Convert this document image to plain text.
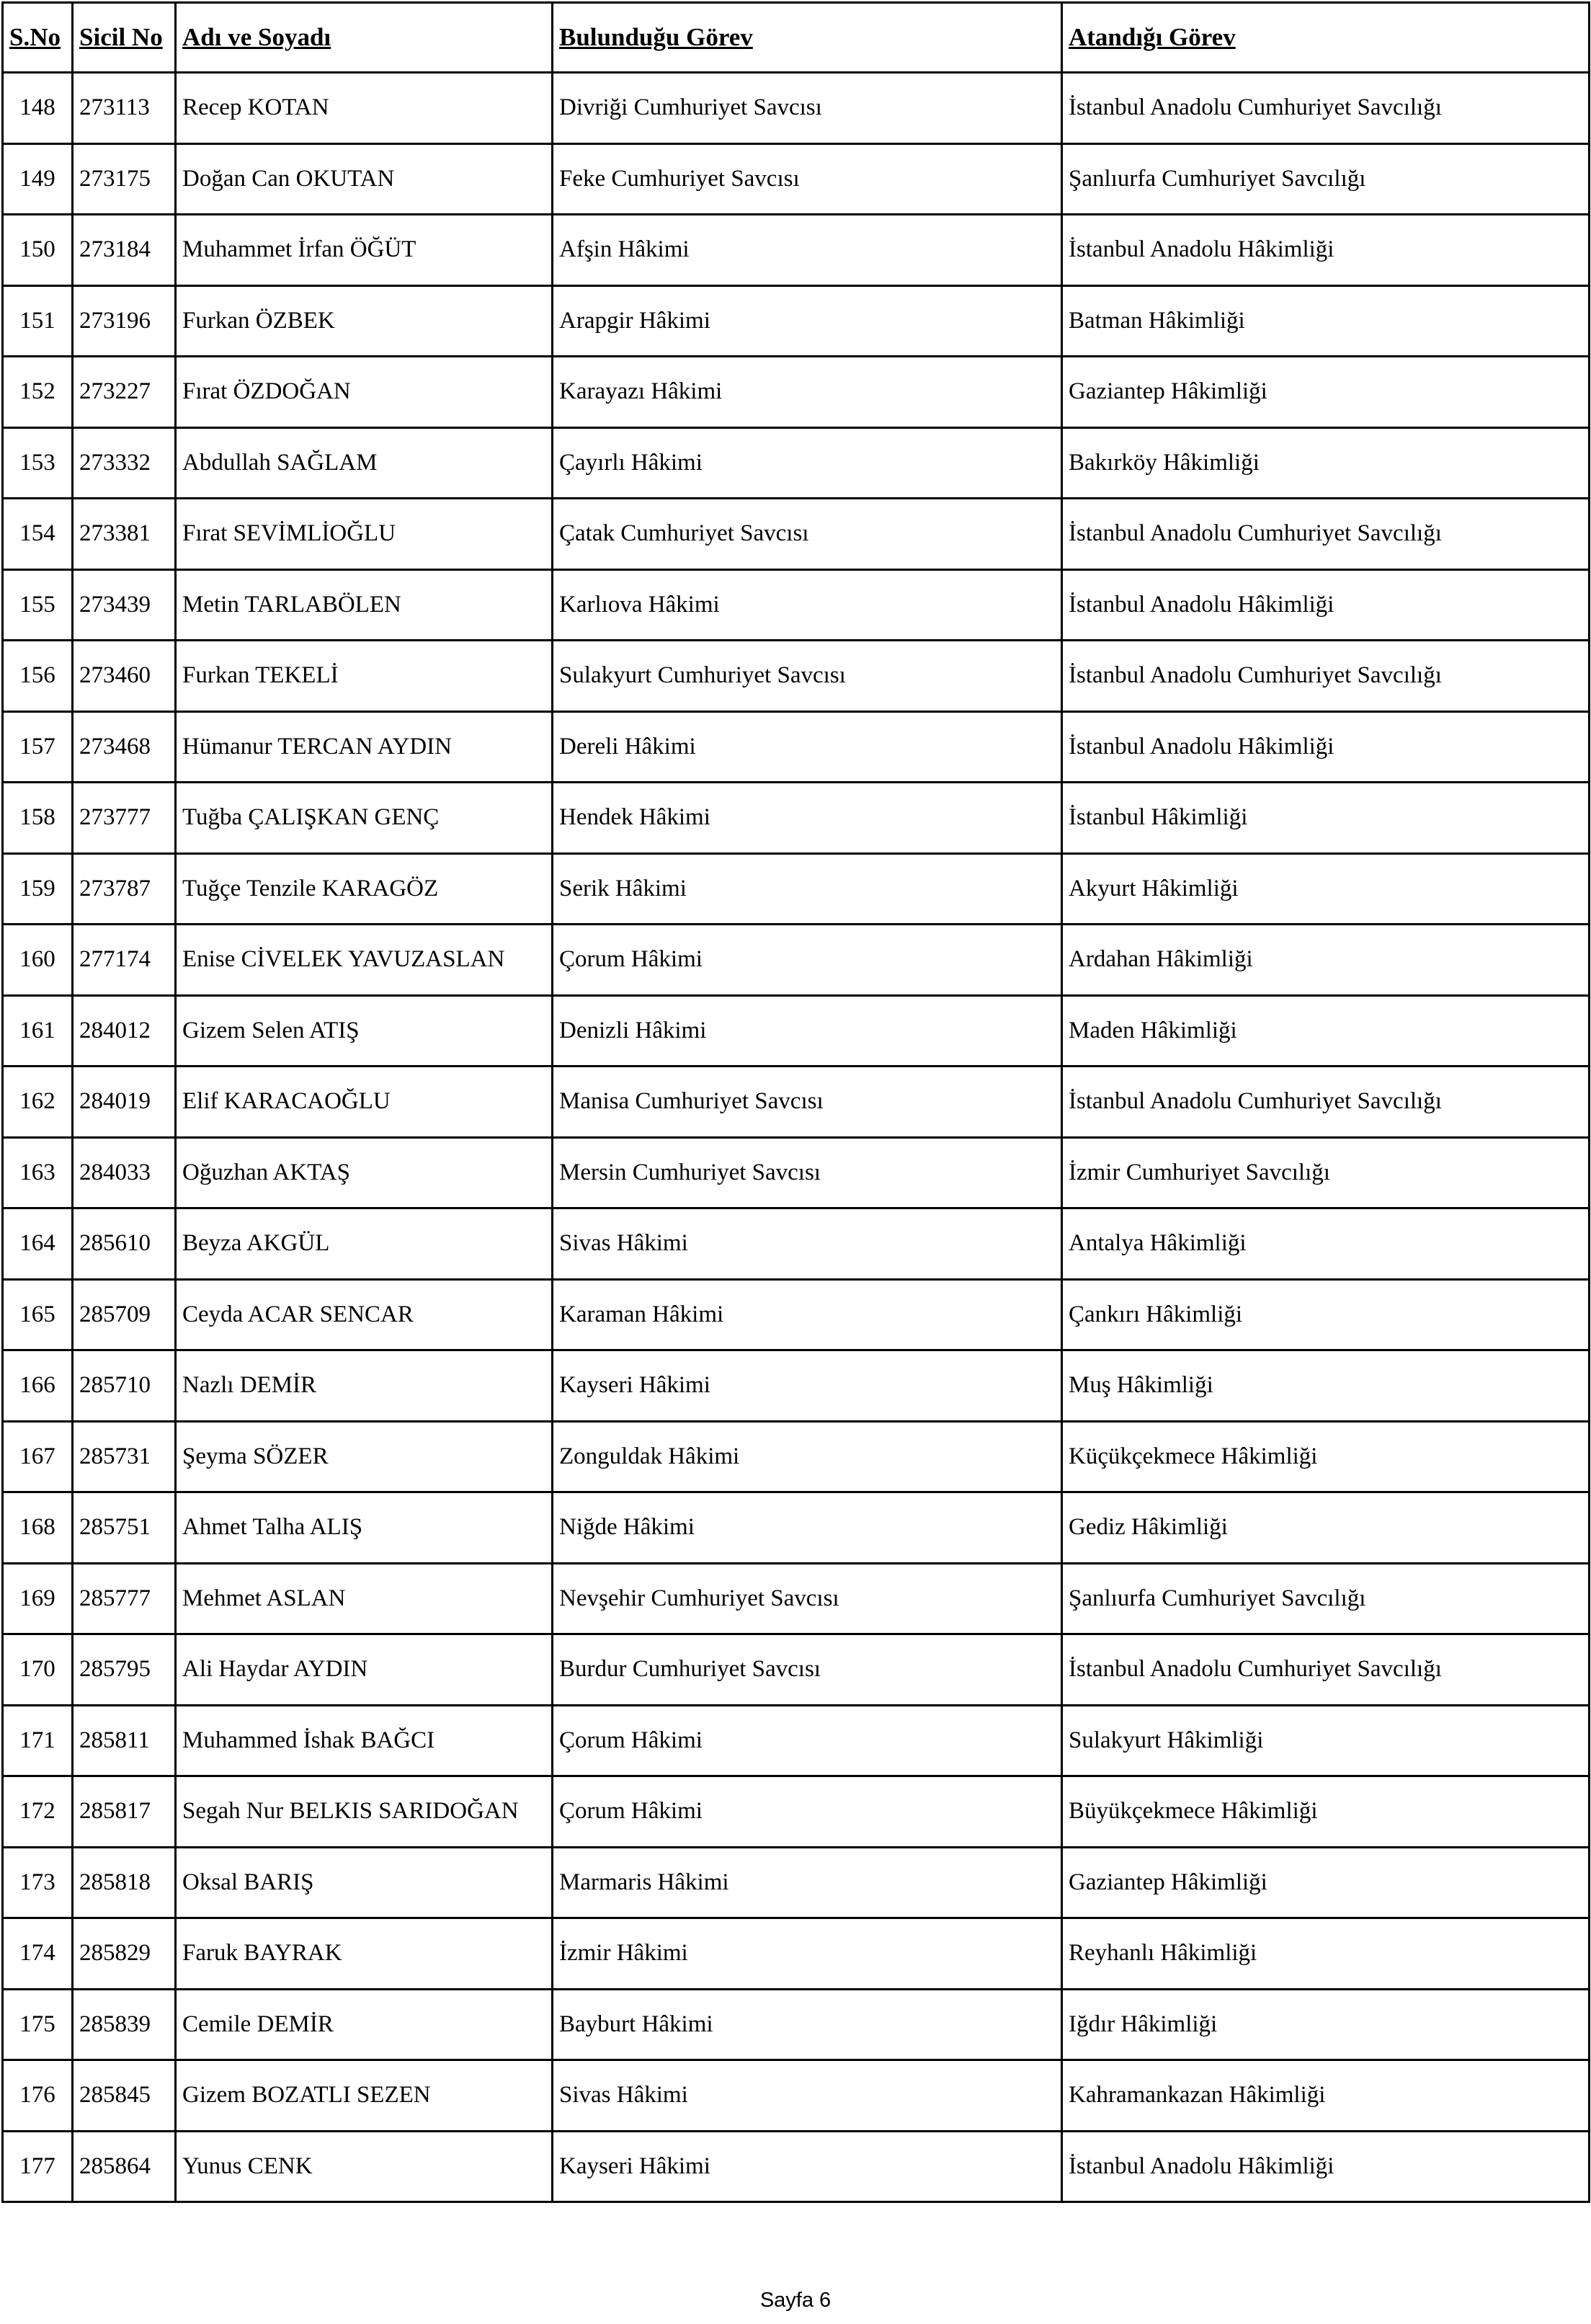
S.No	Sicil No	Adı ve Soyadı	Bulunduğu Görev	Atandığı Görev
148	273113	Recep KOTAN	Divriği Cumhuriyet Savcısı	İstanbul Anadolu Cumhuriyet Savcılığı
149	273175	Doğan Can OKUTAN	Feke Cumhuriyet Savcısı	Şanlıurfa Cumhuriyet Savcılığı
150	273184	Muhammet İrfan ÖĞÜT	Afşin Hâkimi	İstanbul Anadolu Hâkimliği
151	273196	Furkan ÖZBEK	Arapgir Hâkimi	Batman Hâkimliği
152	273227	Fırat ÖZDOĞAN	Karayazı Hâkimi	Gaziantep Hâkimliği
153	273332	Abdullah SAĞLAM	Çayırlı Hâkimi	Bakırköy Hâkimliği
154	273381	Fırat SEVİMLİOĞLU	Çatak Cumhuriyet Savcısı	İstanbul Anadolu Cumhuriyet Savcılığı
155	273439	Metin TARLABÖLEN	Karlıova Hâkimi	İstanbul Anadolu Hâkimliği
156	273460	Furkan TEKELİ	Sulakyurt Cumhuriyet Savcısı	İstanbul Anadolu Cumhuriyet Savcılığı
157	273468	Hümanur TERCAN AYDIN	Dereli Hâkimi	İstanbul Anadolu Hâkimliği
158	273777	Tuğba ÇALIŞKAN GENÇ	Hendek Hâkimi	İstanbul Hâkimliği
159	273787	Tuğçe Tenzile KARAGÖZ	Serik Hâkimi	Akyurt Hâkimliği
160	277174	Enise CİVELEK YAVUZASLAN	Çorum Hâkimi	Ardahan Hâkimliği
161	284012	Gizem Selen ATIŞ	Denizli Hâkimi	Maden Hâkimliği
162	284019	Elif KARACAOĞLU	Manisa Cumhuriyet Savcısı	İstanbul Anadolu Cumhuriyet Savcılığı
163	284033	Oğuzhan AKTAŞ	Mersin Cumhuriyet Savcısı	İzmir Cumhuriyet Savcılığı
164	285610	Beyza AKGÜL	Sivas Hâkimi	Antalya Hâkimliği
165	285709	Ceyda ACAR SENCAR	Karaman Hâkimi	Çankırı Hâkimliği
166	285710	Nazlı DEMİR	Kayseri Hâkimi	Muş Hâkimliği
167	285731	Şeyma SÖZER	Zonguldak Hâkimi	Küçükçekmece Hâkimliği
168	285751	Ahmet Talha ALIŞ	Niğde Hâkimi	Gediz Hâkimliği
169	285777	Mehmet ASLAN	Nevşehir Cumhuriyet Savcısı	Şanlıurfa Cumhuriyet Savcılığı
170	285795	Ali Haydar AYDIN	Burdur Cumhuriyet Savcısı	İstanbul Anadolu Cumhuriyet Savcılığı
171	285811	Muhammed İshak BAĞCI	Çorum Hâkimi	Sulakyurt Hâkimliği
172	285817	Segah Nur BELKIS SARIDOĞAN	Çorum Hâkimi	Büyükçekmece Hâkimliği
173	285818	Oksal BARIŞ	Marmaris Hâkimi	Gaziantep Hâkimliği
174	285829	Faruk BAYRAK	İzmir Hâkimi	Reyhanlı Hâkimliği
175	285839	Cemile DEMİR	Bayburt Hâkimi	Iğdır Hâkimliği
176	285845	Gizem BOZATLI SEZEN	Sivas Hâkimi	Kahramankazan Hâkimliği
177	285864	Yunus CENK	Kayseri Hâkimi	İstanbul Anadolu Hâkimliği
Sayfa 6
